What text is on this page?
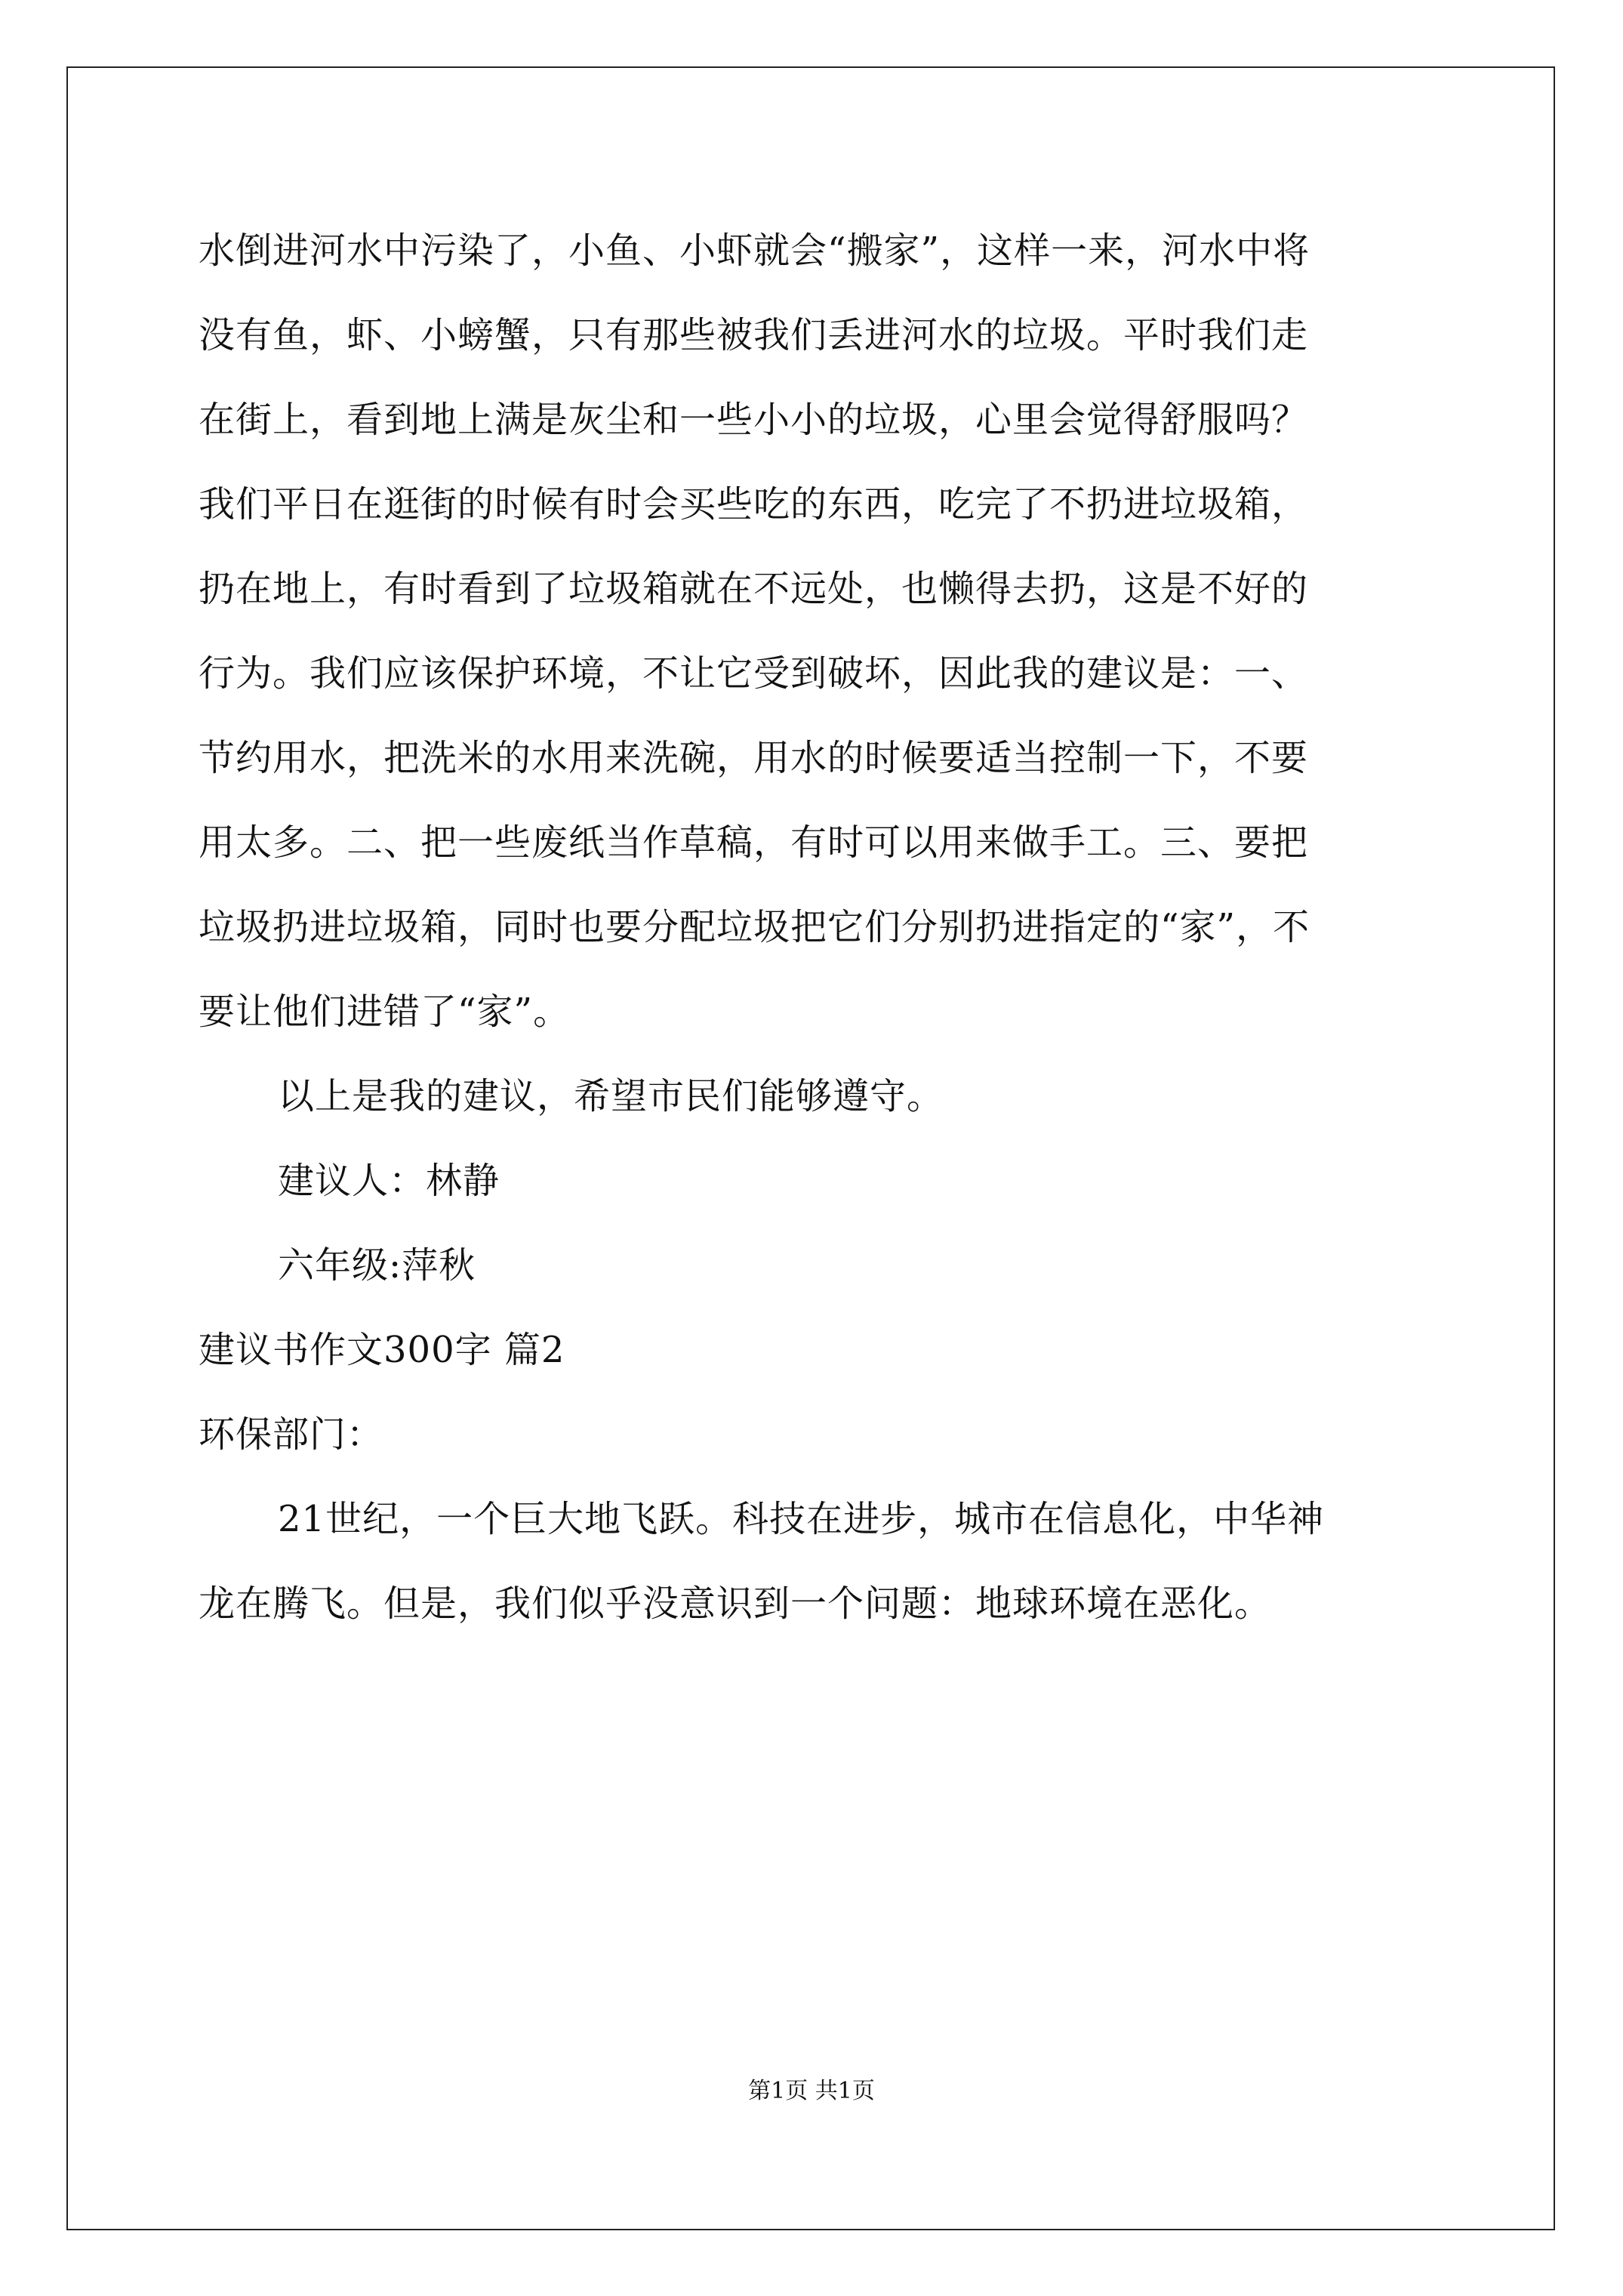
水倒进河水中污染了，小鱼、小虾就会“搬家”，这样一来，河水中将
没有鱼，虾、小螃蟹，只有那些被我们丢进河水的垃圾。平时我们走
在街上，看到地上满是灰尘和一些小小的垃圾，心里会觉得舒服吗？
我们平日在逛街的时候有时会买些吃的东西，吃完了不扔进垃圾箱，
扔在地上，有时看到了垃圾箱就在不远处，也懒得去扔，这是不好的
行为。我们应该保护环境，不让它受到破坏，因此我的建议是：一、
节约用水，把洗米的水用来洗碗，用水的时候要适当控制一下，不要
用太多。二、把一些废纸当作草稿，有时可以用来做手工。三、要把
垃圾扔进垃圾箱，同时也要分配垃圾把它们分别扔进指定的“家”，不
要让他们进错了“家”。
以上是我的建议，希望市民们能够遵守。
建议人：林静
六年级:萍秋
建议书作文300字 篇2
环保部门：
21世纪，一个巨大地飞跃。科技在进步，城市在信息化，中华神
龙在腾飞。但是，我们似乎没意识到一个问题：地球环境在恶化。
第1页 共1页
